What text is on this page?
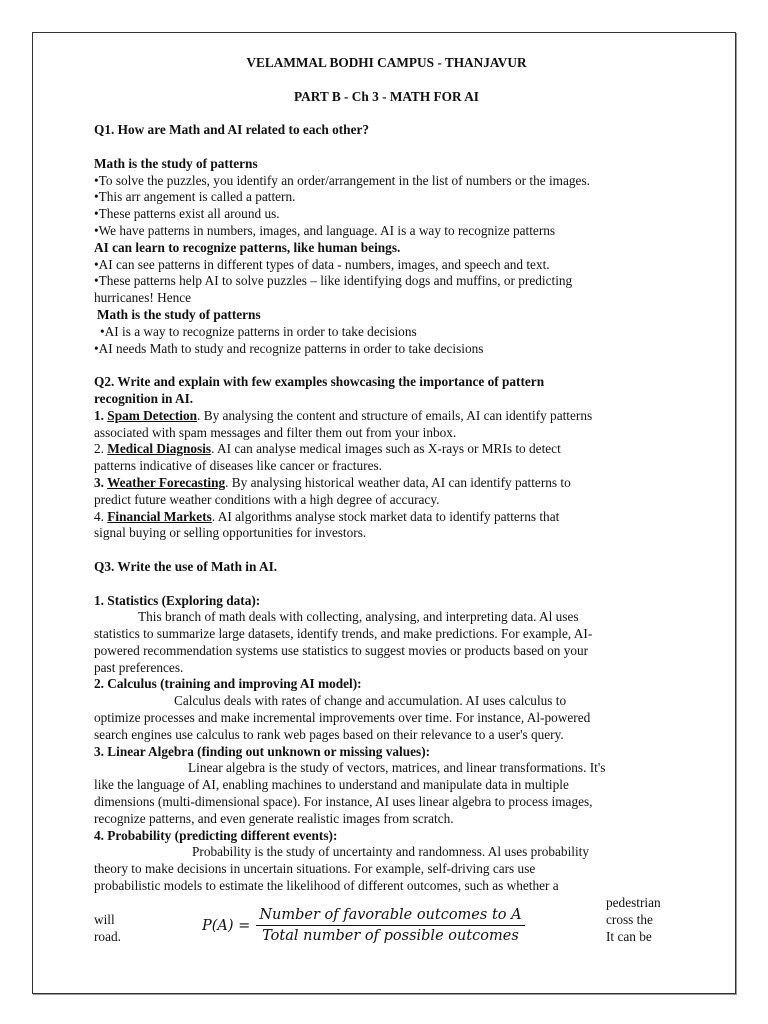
VELAMMAL BODHI CAMPUS - THANJAVUR
PART B - Ch 3 - MATH FOR AI
Q1. How are Math and AI related to each other?
Math is the study of patterns
•To solve the puzzles, you identify an order/arrangement in the list of numbers or the images.
•This arr angement is called a pattern.
•These patterns exist all around us.
•We have patterns in numbers, images, and language. AI is a way to recognize patterns
AI can learn to recognize patterns, like human beings.
•AI can see patterns in different types of data - numbers, images, and speech and text.
•These patterns help AI to solve puzzles – like identifying dogs and muffins, or predicting
hurricanes! Hence
Math is the study of patterns
•AI is a way to recognize patterns in order to take decisions
•AI needs Math to study and recognize patterns in order to take decisions
Q2. Write and explain with few examples showcasing the importance of pattern
recognition in AI.
1. Spam Detection. By analysing the content and structure of emails, AI can identify patterns
associated with spam messages and filter them out from your inbox.
2. Medical Diagnosis. AI can analyse medical images such as X-rays or MRIs to detect
patterns indicative of diseases like cancer or fractures.
3. Weather Forecasting. By analysing historical weather data, AI can identify patterns to
predict future weather conditions with a high degree of accuracy.
4. Financial Markets. AI algorithms analyse stock market data to identify patterns that
signal buying or selling opportunities for investors.
Q3. Write the use of Math in AI.
1. Statistics (Exploring data):
This branch of math deals with collecting, analysing, and interpreting data. Al uses
statistics to summarize large datasets, identify trends, and make predictions. For example, AI-
powered recommendation systems use statistics to suggest movies or products based on your
past preferences.
2. Calculus (training and improving AI model):
Calculus deals with rates of change and accumulation. AI uses calculus to
optimize processes and make incremental improvements over time. For instance, Al-powered
search engines use calculus to rank web pages based on their relevance to a user's query.
3. Linear Algebra (finding out unknown or missing values):
Linear algebra is the study of vectors, matrices, and linear transformations. It's
like the language of AI, enabling machines to understand and manipulate data in multiple
dimensions (multi-dimensional space). For instance, AI uses linear algebra to process images,
recognize patterns, and even generate realistic images from scratch.
4. Probability (predicting different events):
Probability is the study of uncertainty and randomness. Al uses probability
theory to make decisions in uncertain situations. For example, self-driving cars use
probabilistic models to estimate the likelihood of different outcomes, such as whether a
pedestrian
will
road.
$P(A) = \frac{\text{Number of favorable outcomes to A}}{\text{Total number of possible outcomes}}$	cross the
It can be
